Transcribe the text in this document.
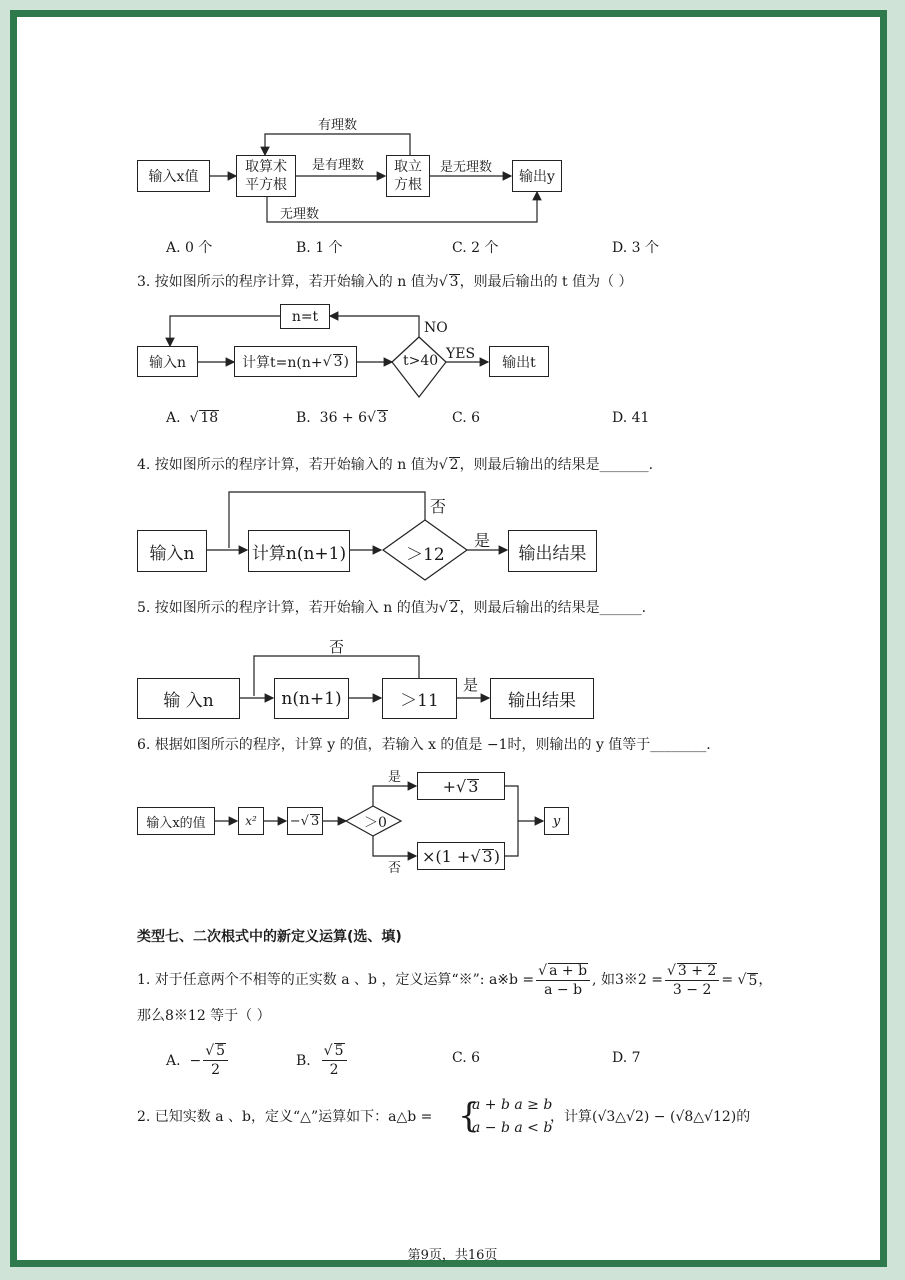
输入x值
取算术
平方根
取立
方根	输出y
有理数
是有理数	是无理数
无理数
A. 0 个	B. 1 个	C. 2 个	D. 3 个
3. 按如图所示的程序计算，若开始输入的 n 值为√ 3，则最后输出的 t 值为（ ）
输入n	计算t=n(n+ √ 3 )	t>40
n=t
输出t
NO
YES
A.  √ 18	B. 36 + 6√ 3	C. 6	D. 41
4. 按如图所示的程序计算，若开始输入的 n 值为√ 2，则最后输出的结果是_______.
输入n	计算n(n+1)	＞12	输出结果
否
是
5. 按如图所示的程序计算，若开始输入 n 的值为√ 2，则最后输出的结果是______.
输 入n	n(n+1)	＞11	输出结果
否
是
6. 根据如图所示的程序，计算 y 的值，若输入 x 的值是 −1时，则输出的 y 值等于________.
输入x的值	x²	− √ 3	＞0
+ √ 3
×(1 + √ 3 )
y
是
否
类型七、二次根式中的新定义运算(选、填)
1. 对于任意两个不相等的正实数 a 、b ，定义运算“※”: a※b = $\frac{√ a + b}{a - b}$ , 如3※2 = $\frac{√ 3 + 2}{3 - 2}$ = √ 5 ，
那么8※12 等于（ ）
A.
− $\frac{√ 5}{2}$	B.
$\frac{√ 5}{2}$	C. 6	D. 7
2. 已知实数 a 、b，定义“△”运算如下：a△b = {
a + b a ≥ b
a − b a < b
，计算(√3△√2) − (√8△√12)的
第9页，共16页
